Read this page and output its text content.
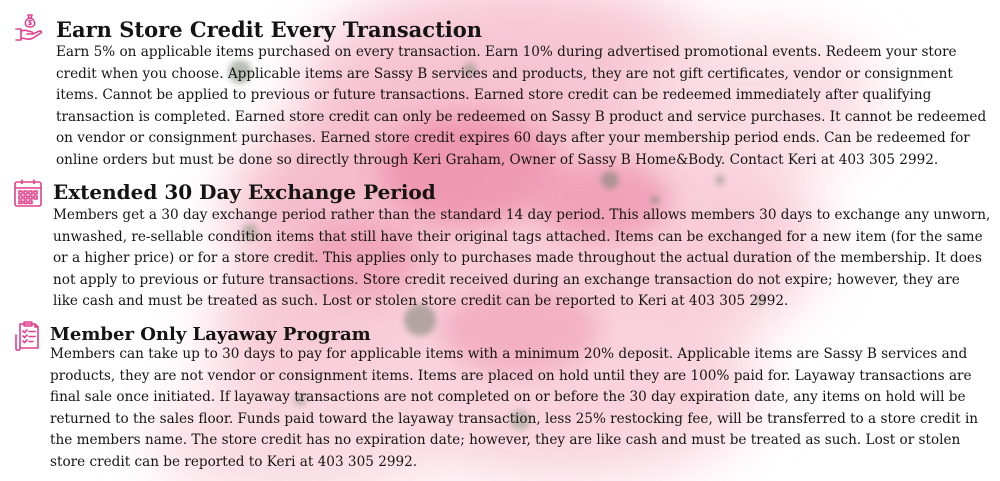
Earn Store Credit Every Transaction
Earn 5% on applicable items purchased on every transaction. Earn 10% during advertised promotional events. Redeem your store
credit when you choose. Applicable items are Sassy B services and products, they are not gift certificates, vendor or consignment
items. Cannot be applied to previous or future transactions. Earned store credit can be redeemed immediately after qualifying
transaction is completed. Earned store credit can only be redeemed on Sassy B product and service purchases. It cannot be redeemed
on vendor or consignment purchases. Earned store credit expires 60 days after your membership period ends. Can be redeemed for
online orders but must be done so directly through Keri Graham, Owner of Sassy B Home&Body. Contact Keri at 403 305 2992.
Extended 30 Day Exchange Period
Members get a 30 day exchange period rather than the standard 14 day period. This allows members 30 days to exchange any unworn,
unwashed, re-sellable condition items that still have their original tags attached. Items can be exchanged for a new item (for the same
or a higher price) or for a store credit. This applies only to purchases made throughout the actual duration of the membership. It does
not apply to previous or future transactions. Store credit received during an exchange transaction do not expire; however, they are
like cash and must be treated as such. Lost or stolen store credit can be reported to Keri at 403 305 2992.
Member Only Layaway Program
Members can take up to 30 days to pay for applicable items with a minimum 20% deposit. Applicable items are Sassy B services and
products, they are not vendor or consignment items. Items are placed on hold until they are 100% paid for. Layaway transactions are
final sale once initiated. If layaway transactions are not completed on or before the 30 day expiration date, any items on hold will be
returned to the sales floor. Funds paid toward the layaway transaction, less 25% restocking fee, will be transferred to a store credit in
the members name. The store credit has no expiration date; however, they are like cash and must be treated as such. Lost or stolen
store credit can be reported to Keri at 403 305 2992.
